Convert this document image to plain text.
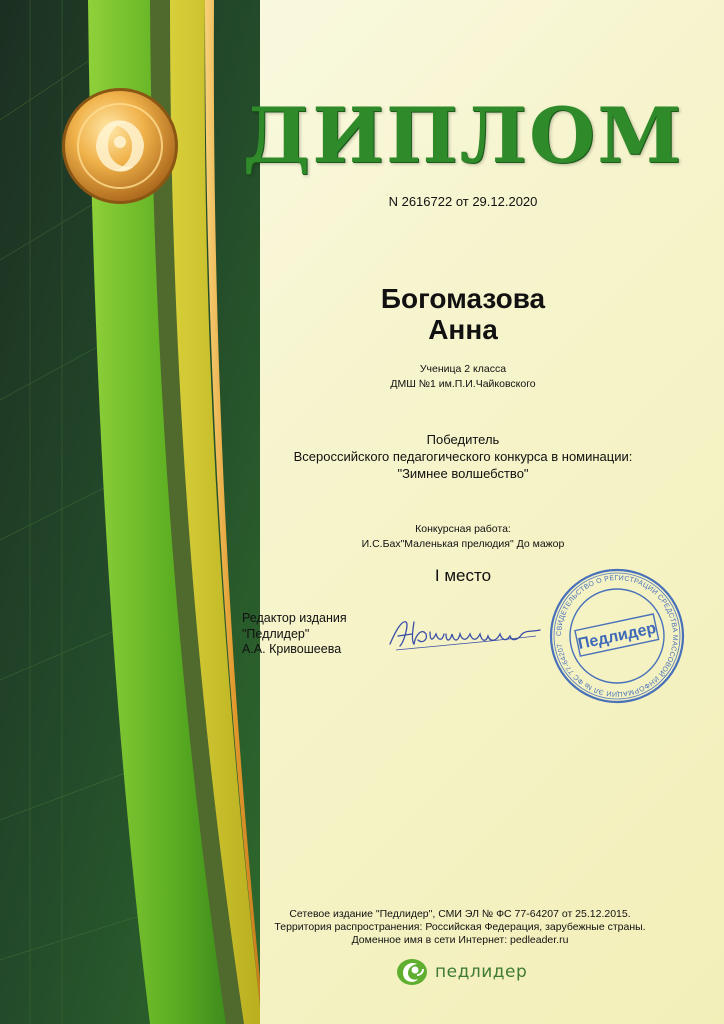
ДИПЛОМ
N 2616722 от 29.12.2020
Богомазова
Анна
Ученица 2 класса
ДМШ №1 им.П.И.Чайковского
Победитель
Всероссийского педагогического конкурса в номинации:
"Зимнее волшебство"
Конкурсная работа:
И.С.Бах"Маленькая прелюдия" До мажор
I место
Редактор издания
"Педлидер"
А.А. Кривошеева
СВИДЕТЕЛЬСТВО О РЕГИСТРАЦИИ СРЕДСТВА МАССОВОЙ ИНФОРМАЦИИ ЭЛ № ФС 77-64207 Педлидер
Сетевое издание "Педлидер", СМИ ЭЛ № ФС 77-64207 от 25.12.2015.
Территория распространения: Российская Федерация, зарубежные страны.
Доменное имя в сети Интернет: pedleader.ru
педлидер
